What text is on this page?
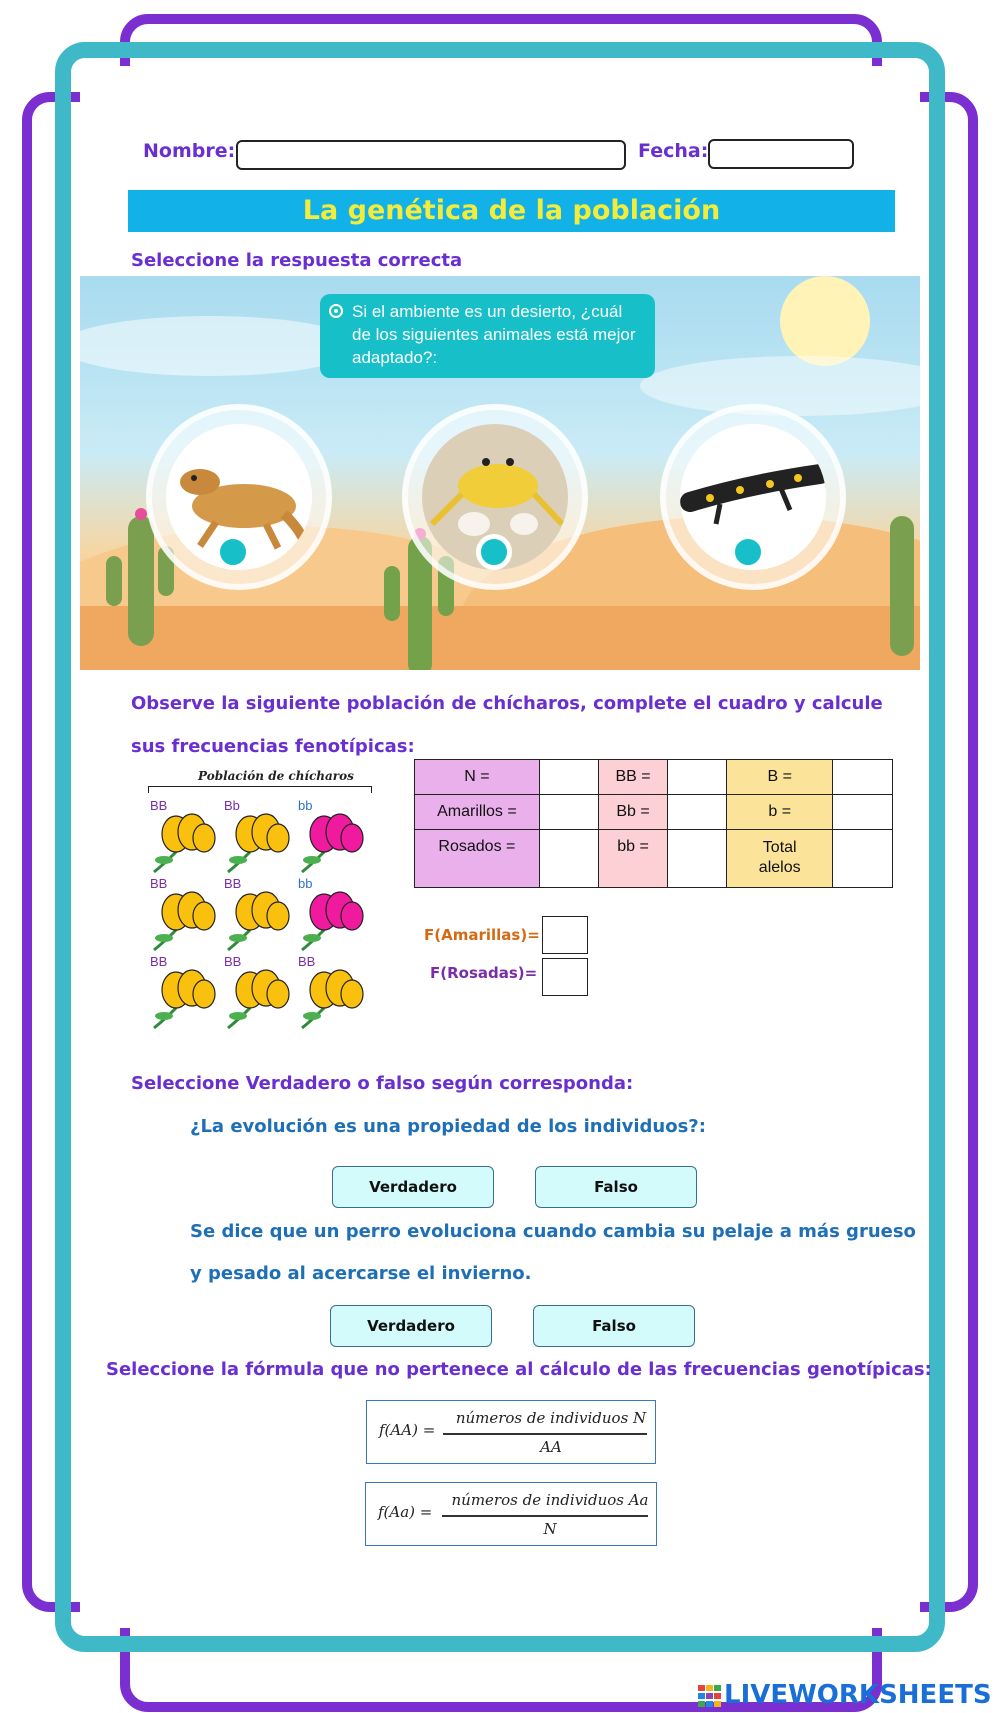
Nombre:	Fecha:
La genética de la población
Seleccione la respuesta correcta
Si el ambiente es un desierto, ¿cuál de los siguientes animales está mejor adaptado?:
Observe la siguiente población de chícharos, complete el cuadro y calcule sus frecuencias fenotípicas:
Población de chícharos
BB	Bb	bb
BB	BB	bb
BB	BB	BB
N =		BB =		B =	
Amarillos =		Bb =		b =	
Rosados =		bb =		Total alelos	
F(Amarillas)=
F(Rosadas)=
Seleccione Verdadero o falso según corresponda:
¿La evolución es una propiedad de los individuos?:
Verdadero	Falso
Se dice que un perro evoluciona cuando cambia su pelaje a más grueso
y pesado al acercarse el invierno.
Verdadero	Falso
Seleccione la fórmula que no pertenece al cálculo de las frecuencias genotípicas:
f(AA) =
números de individuos N
AA
f(Aa) =
números de individuos Aa
N
LIVEWORKSHEETS
